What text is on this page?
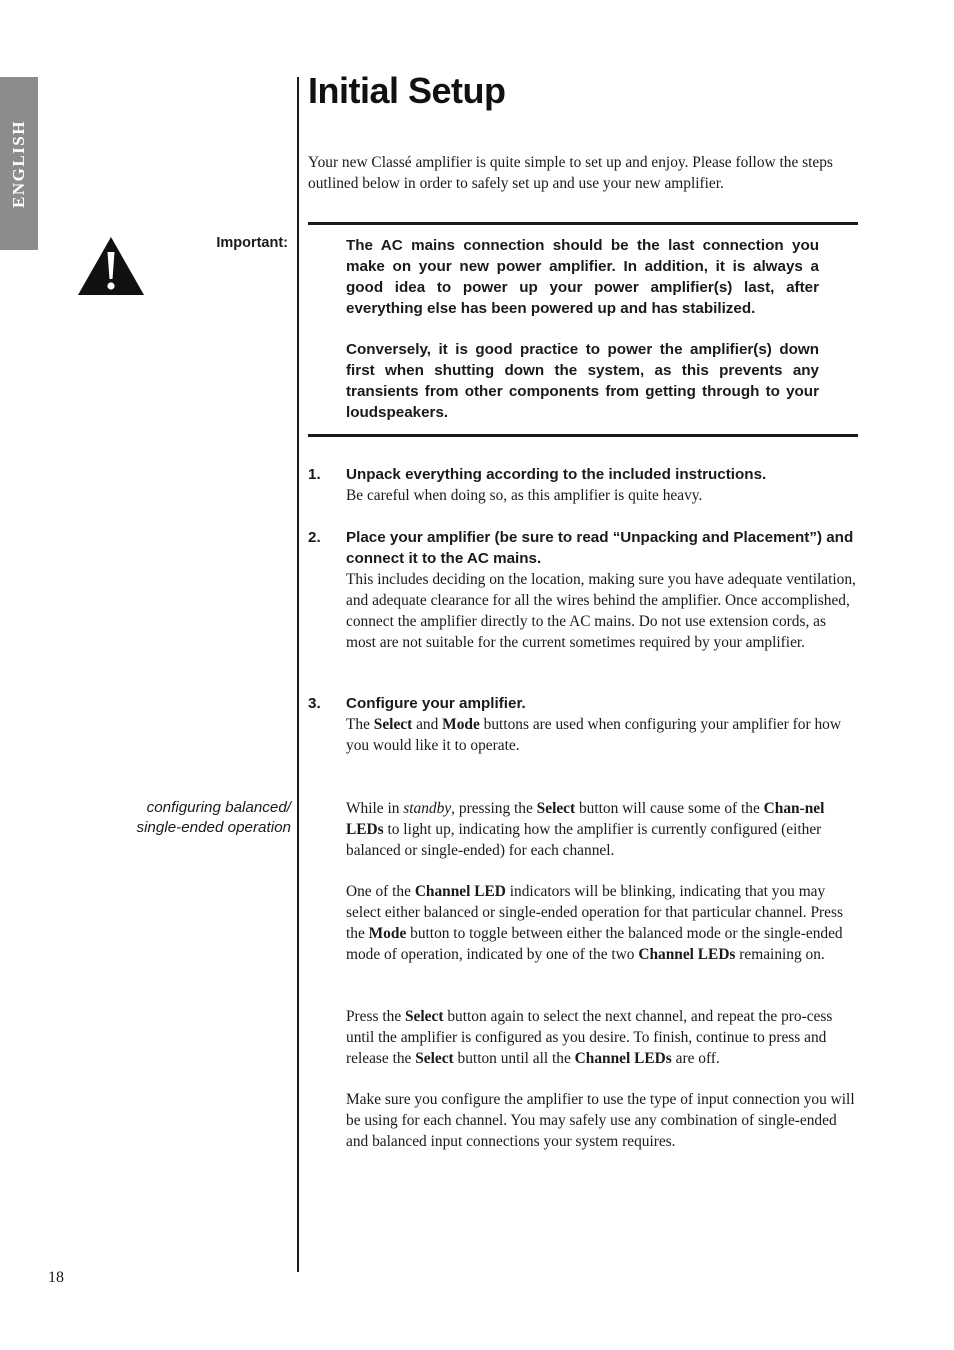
ENGLISH
Initial Setup

Your new Classé amplifier is quite simple to set up and enjoy. Please follow the steps outlined below in order to safely set up and use your new amplifier.

Important:	The AC mains connection should be the last connection you make on your new power amplifier. In addition, it is always a good idea to power up your power amplifier(s) last, after everything else has been powered up and has stabilized.

Conversely, it is good practice to power the amplifier(s) down first when shutting down the system, as this prevents any transients from other components from getting through to your loudspeakers.

1. Unpack everything according to the included instructions.
Be careful when doing so, as this amplifier is quite heavy.
2. Place your amplifier (be sure to read “Unpacking and Placement”) and connect it to the AC mains.
This includes deciding on the location, making sure you have adequate ventilation, and adequate clearance for all the wires behind the amplifier. Once accomplished, connect the amplifier directly to the AC mains. Do not use extension cords, as most are not suitable for the current sometimes required by your amplifier.
3. Configure your amplifier.
The Select and Mode buttons are used when configuring your amplifier for how you would like it to operate.
configuring balanced/
single-ended operation

While in standby, pressing the Select button will cause some of the Chan-nel LEDs to light up, indicating how the amplifier is currently configured (either balanced or single-ended) for each channel.

One of the Channel LED indicators will be blinking, indicating that you may select either balanced or single-ended operation for that particular channel. Press the Mode button to toggle between either the balanced mode or the single-ended mode of operation, indicated by one of the two Channel LEDs remaining on.

Press the Select button again to select the next channel, and repeat the pro-cess until the amplifier is configured as you desire. To finish, continue to press and release the Select button until all the Channel LEDs are off.

Make sure you configure the amplifier to use the type of input connection you will be using for each channel. You may safely use any combination of single-ended and balanced input connections your system requires.

18
